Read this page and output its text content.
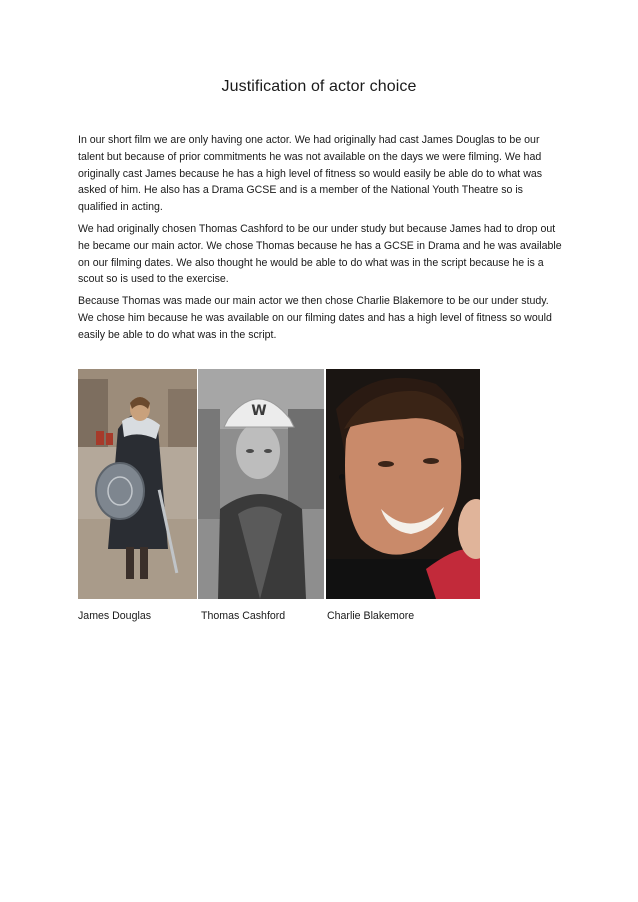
Justification of actor choice

In our short film we are only having one actor. We had originally had cast James Douglas to be our talent but because of prior commitments he was not available on the days we were filming. We had originally cast James because he has a high level of fitness so would easily be able do to what was asked of him. He also has a Drama GCSE and is a member of the National Youth Theatre so is qualified in acting.

We had originally chosen Thomas Cashford to be our under study but because James had to drop out he became our main actor. We chose Thomas because he has a GCSE in Drama and he was available on our filming dates. We also thought he would be able to do what was in the script because he is a scout so is used to the exercise.

Because Thomas was made our main actor we then chose Charlie Blakemore to be our under study. We chose him because he was available on our filming dates and has a high level of fitness so would easily be able to do what was in the script.

W
James Douglas	Thomas Cashford	Charlie Blakemore
